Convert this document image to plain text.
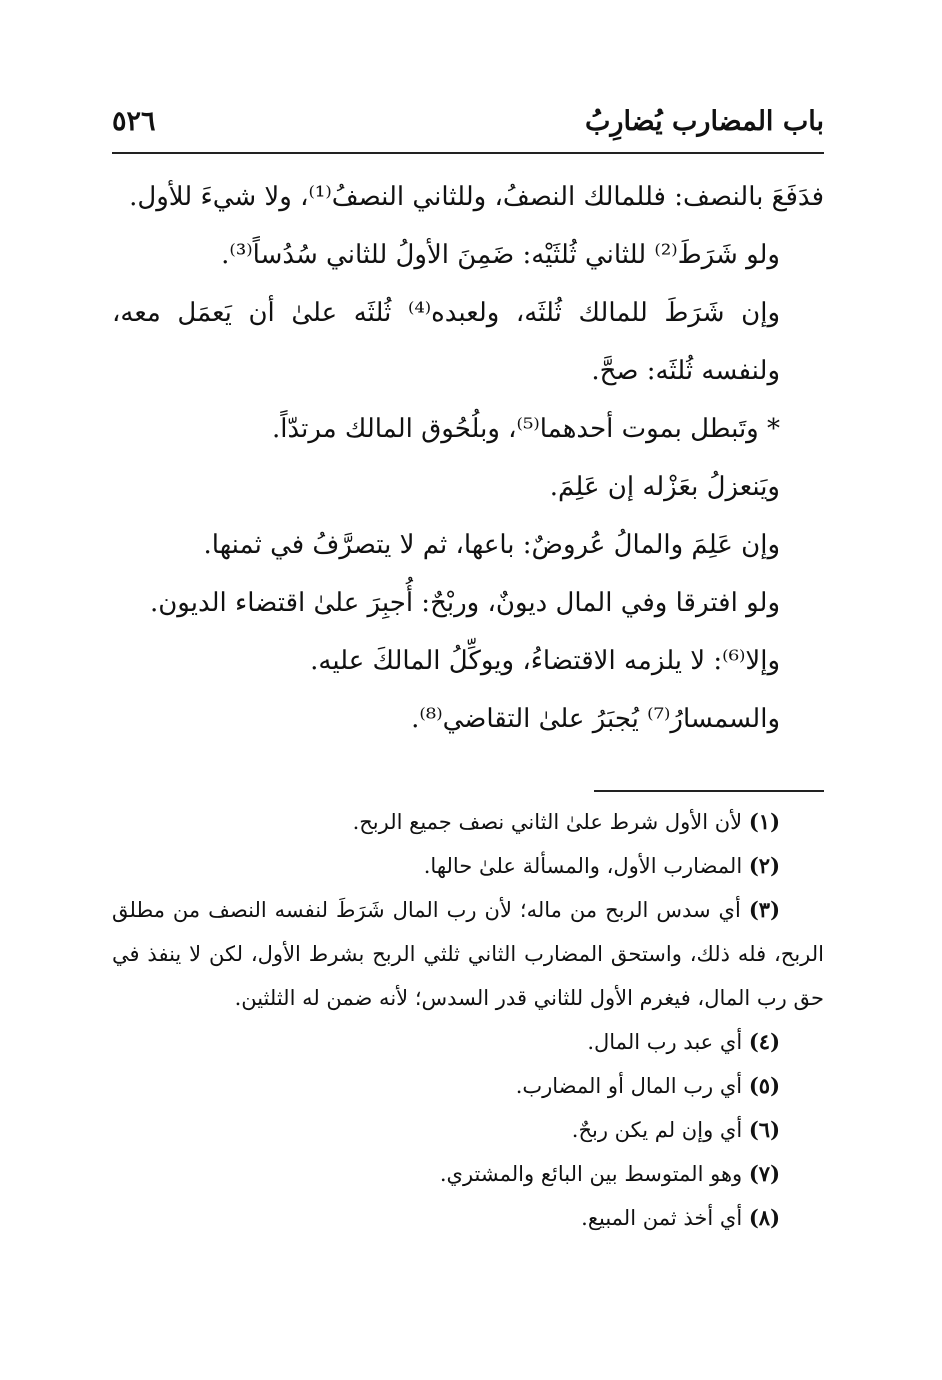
باب المضارب يُضارِبُ
٥٢٦

فدَفَعَ بالنصف: فللمالك النصفُ، وللثاني النصفُ⁽¹⁾، ولا شيءَ للأول.

ولو شَرَطَ⁽²⁾ للثاني ثُلثَيْه: ضَمِنَ الأولُ للثاني سُدُساً⁽³⁾.

وإن شَرَطَ للمالك ثُلثَه، ولعبده⁽⁴⁾ ثُلثَه علىٰ أن يَعمَل معه، ولنفسه ثُلثَه: صحَّ.

* وتَبطل بموت أحدهما⁽⁵⁾، وبلُحُوق المالك مرتدّاً.

ويَنعزلُ بعَزْله إن عَلِمَ.

وإن عَلِمَ والمالُ عُروضٌ: باعها، ثم لا يتصرَّفُ في ثمنها.

ولو افترقا وفي المال ديونٌ، وربْحٌ: أُجبِرَ علىٰ اقتضاء الديون.

وإلا⁽⁶⁾: لا يلزمه الاقتضاءُ، ويوكِّلُ المالكَ عليه.

والسمسارُ⁽⁷⁾ يُجبَرُ علىٰ التقاضي⁽⁸⁾.

(١) لأن الأول شرط علىٰ الثاني نصف جميع الربح.

(٢) المضارب الأول، والمسألة علىٰ حالها.

(٣) أي سدس الربح من ماله؛ لأن رب المال شَرَطَ لنفسه النصف من مطلق الربح، فله ذلك، واستحق المضارب الثاني ثلثي الربح بشرط الأول، لكن لا ينفذ في حق رب المال، فيغرم الأول للثاني قدر السدس؛ لأنه ضمن له الثلثين.

(٤) أي عبد رب المال.

(٥) أي رب المال أو المضارب.

(٦) أي وإن لم يكن ربحٌ.

(٧) وهو المتوسط بين البائع والمشتري.

(٨) أي أخذ ثمن المبيع.
